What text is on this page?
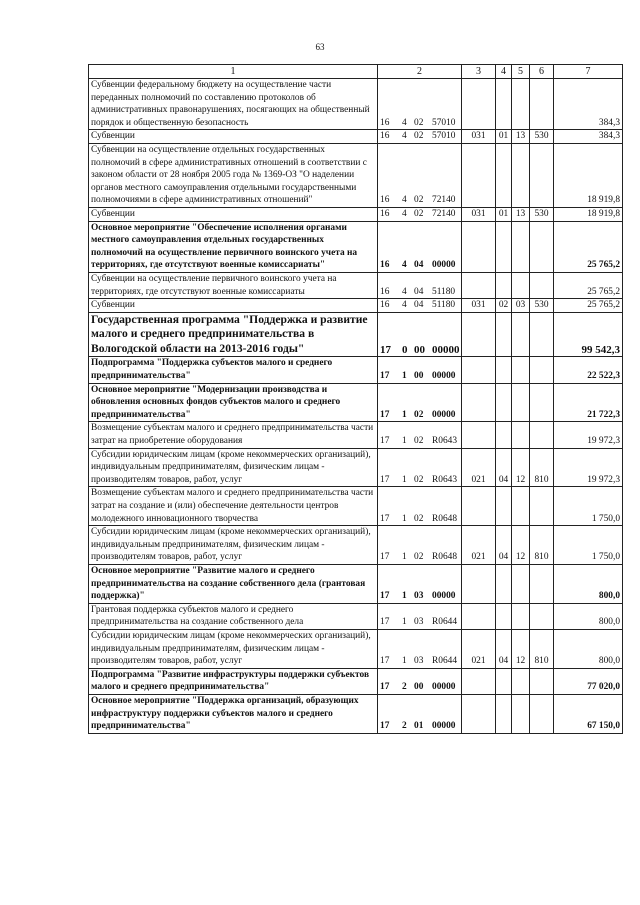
63
1	2	3	4	5	6	7
Субвенции федеральному бюджету на осуществление части переданных полномочий по составлению протоколов об административных правонарушениях, посягающих на общественный порядок и общественную безопасность	16 4 02 57010					384,3
Субвенции	16 4 02 57010	031	01	13	530	384,3
Субвенции на осуществление отдельных государственных полномочий в сфере административных отношений в соответствии с законом области от 28 ноября 2005 года № 1369-ОЗ "О наделении органов местного самоуправления отдельными государственными полномочиями в сфере административных отношений"	16 4 02 72140					18 919,8
Субвенции	16 4 02 72140	031	01	13	530	18 919,8
Основное мероприятие "Обеспечение исполнения органами местного самоуправления отдельных государственных полномочий на осуществление первичного воинского учета на территориях, где отсутствуют военные комиссариаты"	16 4 04 00000					25 765,2
Субвенции на осуществление первичного воинского учета на территориях, где отсутствуют военные комиссариаты	16 4 04 51180					25 765,2
Субвенции	16 4 04 51180	031	02	03	530	25 765,2
Государственная программа "Поддержка и развитие малого и среднего предпринимательства в Вологодской области на 2013-2016 годы"	17 0 00 00000					99 542,3
Подпрограмма "Поддержка субъектов малого и среднего предпринимательства"	17 1 00 00000					22 522,3
Основное мероприятие "Модернизации производства и обновления основных фондов субъектов малого и среднего предпринимательства"	17 1 02 00000					21 722,3
Возмещение субъектам малого и среднего предпринимательства части затрат на приобретение оборудования	17 1 02 R0643					19 972,3
Субсидии юридическим лицам (кроме некоммерческих организаций), индивидуальным предпринимателям, физическим лицам - производителям товаров, работ, услуг	17 1 02 R0643	021	04	12	810	19 972,3
Возмещение субъектам малого и среднего предпринимательства части затрат на создание и (или) обеспечение деятельности центров молодежного инновационного творчества	17 1 02 R0648					1 750,0
Субсидии юридическим лицам (кроме некоммерческих организаций), индивидуальным предпринимателям, физическим лицам - производителям товаров, работ, услуг	17 1 02 R0648	021	04	12	810	1 750,0
Основное мероприятие "Развитие малого и среднего предпринимательства на создание собственного дела (грантовая поддержка)"	17 1 03 00000					800,0
Грантовая поддержка субъектов малого и среднего предпринимательства на создание собственного дела	17 1 03 R0644					800,0
Субсидии юридическим лицам (кроме некоммерческих организаций), индивидуальным предпринимателям, физическим лицам - производителям товаров, работ, услуг	17 1 03 R0644	021	04	12	810	800,0
Подпрограмма "Развитие инфраструктуры поддержки субъектов малого и среднего предпринимательства"	17 2 00 00000					77 020,0
Основное мероприятие "Поддержка организаций, образующих инфраструктуру поддержки субъектов малого и среднего предпринимательства"	17 2 01 00000					67 150,0
